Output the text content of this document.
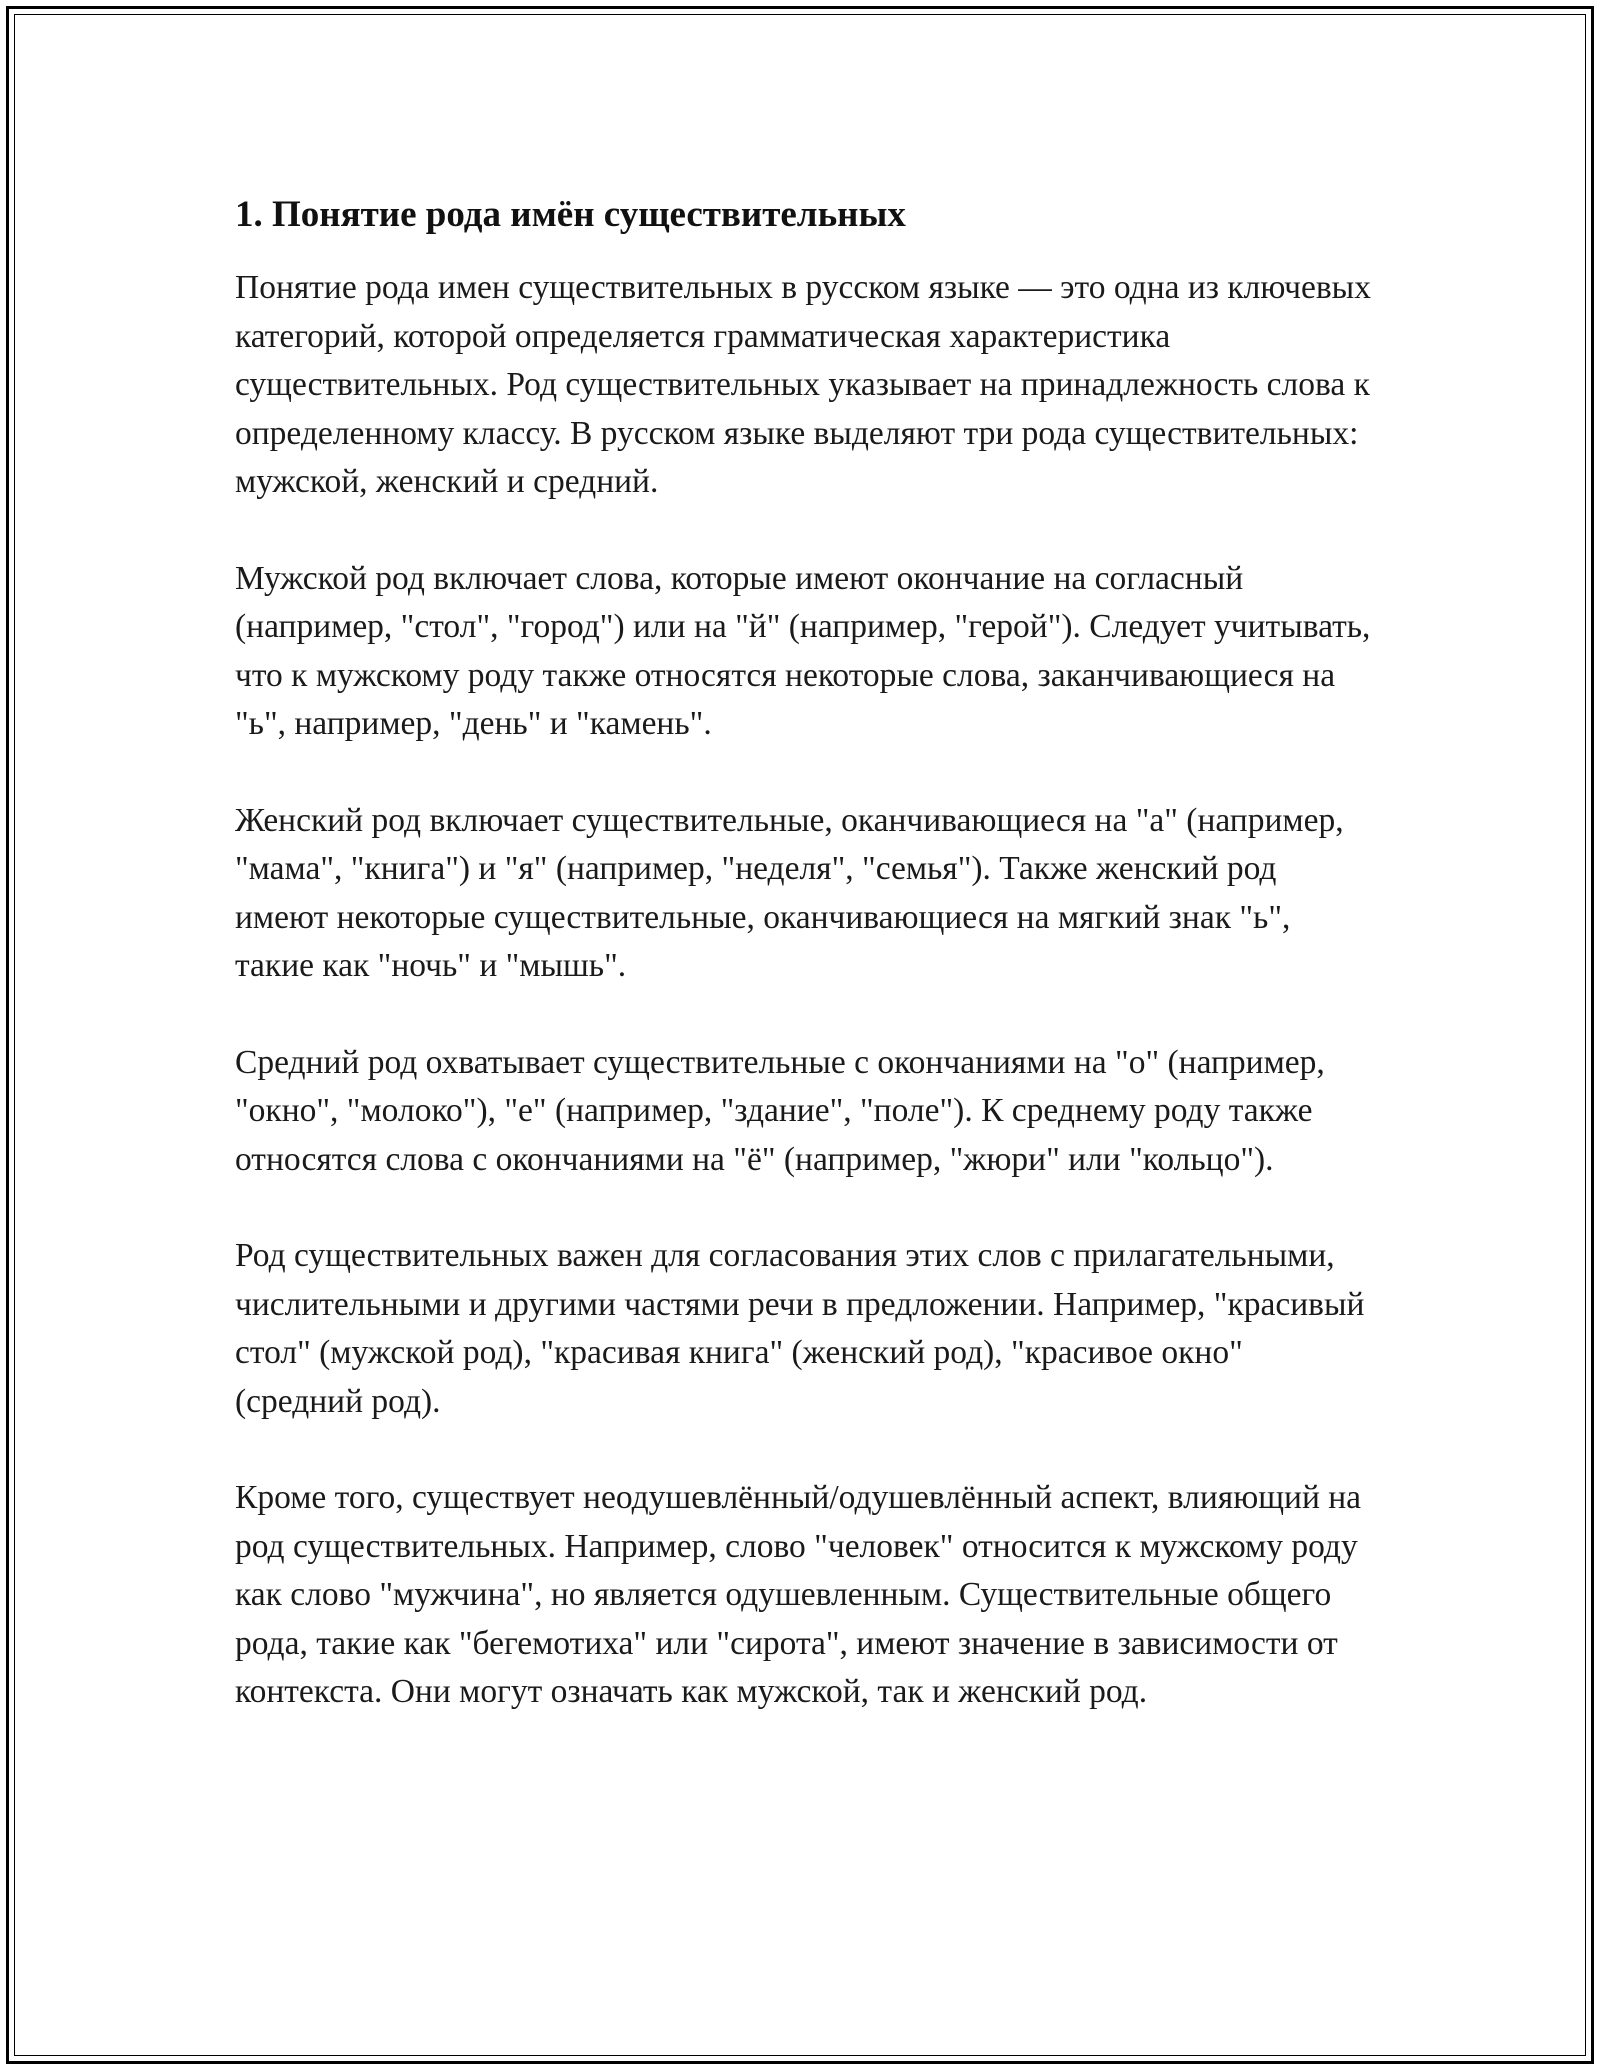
1. Понятие рода имён существительных

Понятие рода имен существительных в русском языке — это одна из ключевых категорий, которой определяется грамматическая характеристика существительных. Род существительных указывает на принадлежность слова к определенному классу. В русском языке выделяют три рода существительных: мужской, женский и средний.

Мужской род включает слова, которые имеют окончание на согласный (например, "стол", "город") или на "й" (например, "герой"). Следует учитывать, что к мужскому роду также относятся некоторые слова, заканчивающиеся на "ь", например, "день" и "камень".

Женский род включает существительные, оканчивающиеся на "а" (например, "мама", "книга") и "я" (например, "неделя", "семья"). Также женский род имеют некоторые существительные, оканчивающиеся на мягкий знак "ь", такие как "ночь" и "мышь".

Средний род охватывает существительные с окончаниями на "о" (например, "окно", "молоко"), "е" (например, "здание", "поле"). К среднему роду также относятся слова с окончаниями на "ё" (например, "жюри" или "кольцо").

Род существительных важен для согласования этих слов с прилагательными, числительными и другими частями речи в предложении. Например, "красивый стол" (мужской род), "красивая книга" (женский род), "красивое окно" (средний род).

Кроме того, существует неодушевлённый/одушевлённый аспект, влияющий на род существительных. Например, слово "человек" относится к мужскому роду как слово "мужчина", но является одушевленным. Существительные общего рода, такие как "бегемотиха" или "сирота", имеют значение в зависимости от контекста. Они могут означать как мужской, так и женский род.
